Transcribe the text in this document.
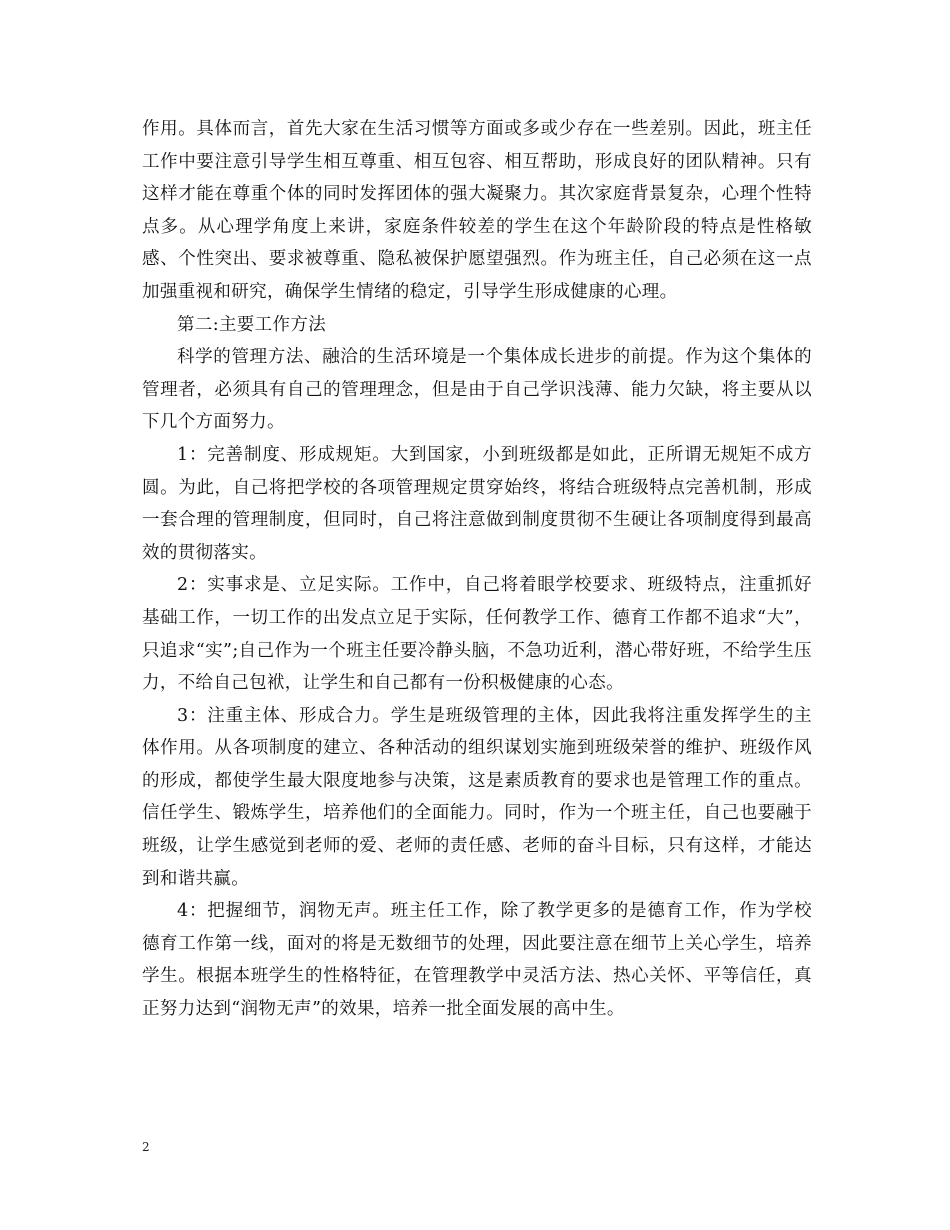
作用。具体而言，首先大家在生活习惯等方面或多或少存在一些差别。因此，班主任工作中要注意引导学生相互尊重、相互包容、相互帮助，形成良好的团队精神。只有这样才能在尊重个体的同时发挥团体的强大凝聚力。其次家庭背景复杂，心理个性特点多。从心理学角度上来讲，家庭条件较差的学生在这个年龄阶段的特点是性格敏感、个性突出、要求被尊重、隐私被保护愿望强烈。作为班主任，自己必须在这一点加强重视和研究，确保学生情绪的稳定，引导学生形成健康的心理。

第二:主要工作方法

科学的管理方法、融洽的生活环境是一个集体成长进步的前提。作为这个集体的管理者，必须具有自己的管理理念，但是由于自己学识浅薄、能力欠缺，将主要从以下几个方面努力。

1：完善制度、形成规矩。大到国家，小到班级都是如此，正所谓无规矩不成方圆。为此，自己将把学校的各项管理规定贯穿始终，将结合班级特点完善机制，形成一套合理的管理制度，但同时，自己将注意做到制度贯彻不生硬让各项制度得到最高效的贯彻落实。

2：实事求是、立足实际。工作中，自己将着眼学校要求、班级特点，注重抓好基础工作，一切工作的出发点立足于实际，任何教学工作、德育工作都不追求“大”，只追求“实”;自己作为一个班主任要冷静头脑，不急功近利，潜心带好班，不给学生压力，不给自己包袱，让学生和自己都有一份积极健康的心态。

3：注重主体、形成合力。学生是班级管理的主体，因此我将注重发挥学生的主体作用。从各项制度的建立、各种活动的组织谋划实施到班级荣誉的维护、班级作风的形成，都使学生最大限度地参与决策，这是素质教育的要求也是管理工作的重点。信任学生、锻炼学生，培养他们的全面能力。同时，作为一个班主任，自己也要融于班级，让学生感觉到老师的爱、老师的责任感、老师的奋斗目标，只有这样，才能达到和谐共赢。

4：把握细节，润物无声。班主任工作，除了教学更多的是德育工作，作为学校德育工作第一线，面对的将是无数细节的处理，因此要注意在细节上关心学生，培养学生。根据本班学生的性格特征，在管理教学中灵活方法、热心关怀、平等信任，真正努力达到“润物无声”的效果，培养一批全面发展的高中生。

2
